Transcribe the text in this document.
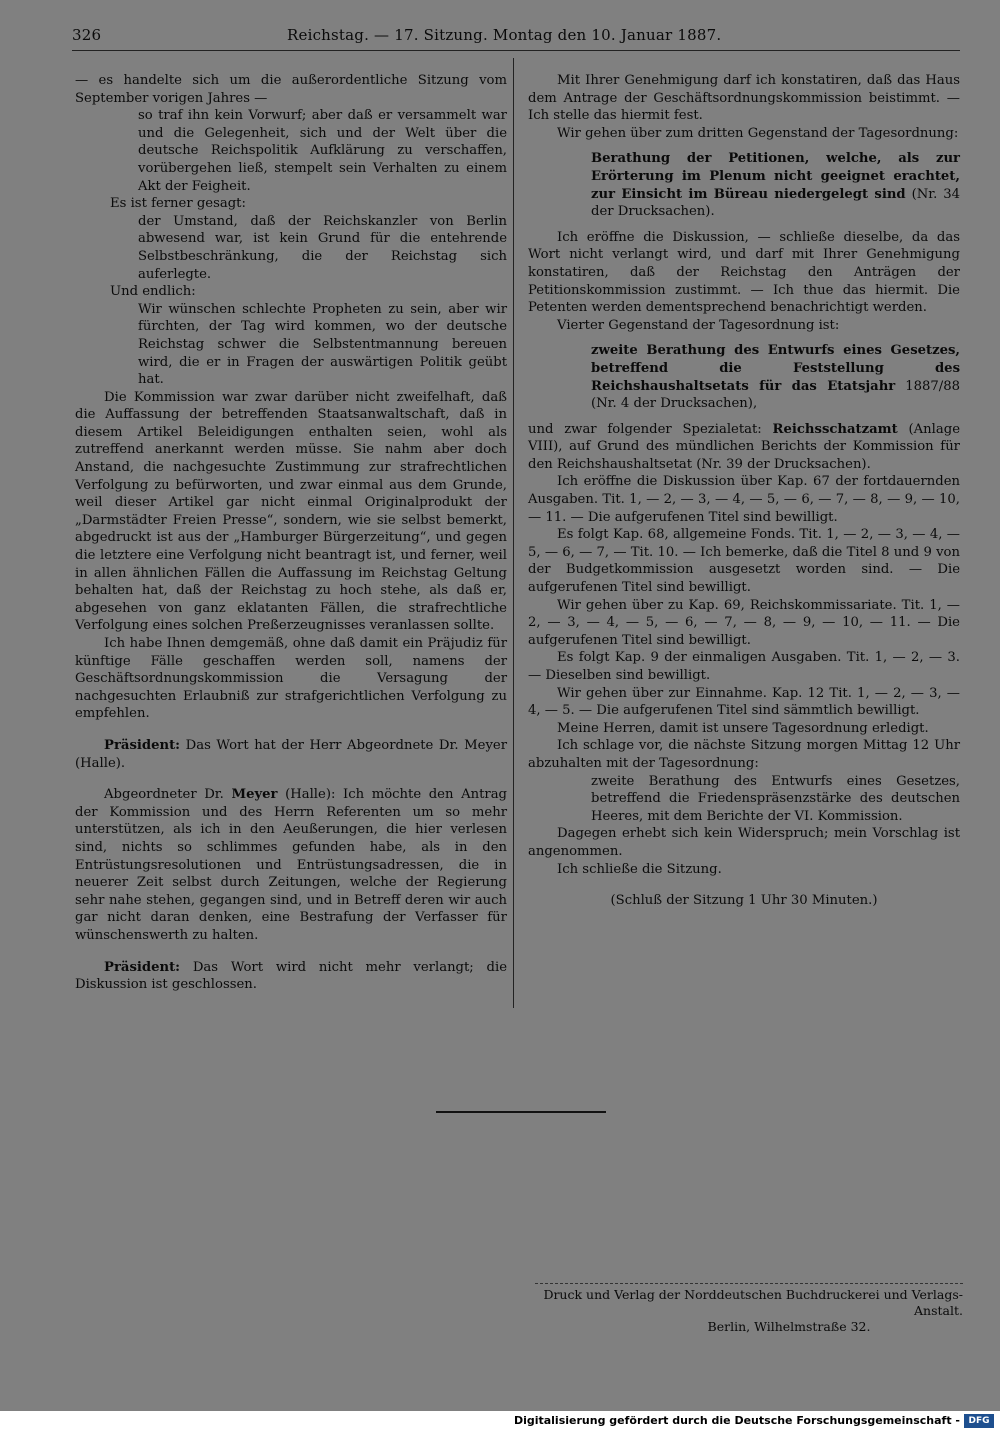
326	Reichstag. — 17. Sitzung. Montag den 10. Januar 1887.

— es handelte sich um die außerordentliche Sitzung vom September vorigen Jahres —

so traf ihn kein Vorwurf; aber daß er versammelt war und die Gelegenheit, sich und der Welt über die deutsche Reichspolitik Aufklärung zu verschaffen, vorübergehen ließ, stempelt sein Verhalten zu einem Akt der Feigheit.

Es ist ferner gesagt:

der Umstand, daß der Reichskanzler von Berlin abwesend war, ist kein Grund für die entehrende Selbstbeschränkung, die der Reichstag sich auferlegte.

Und endlich:

Wir wünschen schlechte Propheten zu sein, aber wir fürchten, der Tag wird kommen, wo der deutsche Reichstag schwer die Selbstentmannung bereuen wird, die er in Fragen der auswärtigen Politik geübt hat.

Die Kommission war zwar darüber nicht zweifelhaft, daß die Auffassung der betreffenden Staatsanwaltschaft, daß in diesem Artikel Beleidigungen enthalten seien, wohl als zutreffend anerkannt werden müsse. Sie nahm aber doch Anstand, die nachgesuchte Zustimmung zur strafrechtlichen Verfolgung zu befürworten, und zwar einmal aus dem Grunde, weil dieser Artikel gar nicht einmal Originalprodukt der „Darmstädter Freien Presse“, sondern, wie sie selbst bemerkt, abgedruckt ist aus der „Hamburger Bürgerzeitung“, und gegen die letztere eine Verfolgung nicht beantragt ist, und ferner, weil in allen ähnlichen Fällen die Auffassung im Reichstag Geltung behalten hat, daß der Reichstag zu hoch stehe, als daß er, abgesehen von ganz eklatanten Fällen, die strafrechtliche Verfolgung eines solchen Preßerzeugnisses veranlassen sollte.

Ich habe Ihnen demgemäß, ohne daß damit ein Präjudiz für künftige Fälle geschaffen werden soll, namens der Geschäftsordnungskommission die Versagung der nachgesuchten Erlaubniß zur strafgerichtlichen Verfolgung zu empfehlen.

Präsident: Das Wort hat der Herr Abgeordnete Dr. Meyer (Halle).

Abgeordneter Dr. Meyer (Halle): Ich möchte den Antrag der Kommission und des Herrn Referenten um so mehr unterstützen, als ich in den Aeußerungen, die hier verlesen sind, nichts so schlimmes gefunden habe, als in den Entrüstungsresolutionen und Entrüstungsadressen, die in neuerer Zeit selbst durch Zeitungen, welche der Regierung sehr nahe stehen, gegangen sind, und in Betreff deren wir auch gar nicht daran denken, eine Bestrafung der Verfasser für wünschenswerth zu halten.

Präsident: Das Wort wird nicht mehr verlangt; die Diskussion ist geschlossen.

Mit Ihrer Genehmigung darf ich konstatiren, daß das Haus dem Antrage der Geschäftsordnungskommission beistimmt. — Ich stelle das hiermit fest.

Wir gehen über zum dritten Gegenstand der Tagesordnung:

Berathung der Petitionen, welche, als zur Erörterung im Plenum nicht geeignet erachtet, zur Einsicht im Büreau niedergelegt sind (Nr. 34 der Drucksachen).

Ich eröffne die Diskussion, — schließe dieselbe, da das Wort nicht verlangt wird, und darf mit Ihrer Genehmigung konstatiren, daß der Reichstag den Anträgen der Petitionskommission zustimmt. — Ich thue das hiermit. Die Petenten werden dementsprechend benachrichtigt werden.

Vierter Gegenstand der Tagesordnung ist:

zweite Berathung des Entwurfs eines Gesetzes, betreffend die Feststellung des Reichshaushaltsetats für das Etatsjahr 1887/88 (Nr. 4 der Drucksachen),

und zwar folgender Spezialetat: Reichsschatzamt (Anlage VIII), auf Grund des mündlichen Berichts der Kommission für den Reichshaushaltsetat (Nr. 39 der Drucksachen).

Ich eröffne die Diskussion über Kap. 67 der fortdauernden Ausgaben. Tit. 1, — 2, — 3, — 4, — 5, — 6, — 7, — 8, — 9, — 10, — 11. — Die aufgerufenen Titel sind bewilligt.

Es folgt Kap. 68, allgemeine Fonds. Tit. 1, — 2, — 3, — 4, — 5, — 6, — 7, — Tit. 10. — Ich bemerke, daß die Titel 8 und 9 von der Budgetkommission ausgesetzt worden sind. — Die aufgerufenen Titel sind bewilligt.

Wir gehen über zu Kap. 69, Reichskommissariate. Tit. 1, — 2, — 3, — 4, — 5, — 6, — 7, — 8, — 9, — 10, — 11. — Die aufgerufenen Titel sind bewilligt.

Es folgt Kap. 9 der einmaligen Ausgaben. Tit. 1, — 2, — 3. — Dieselben sind bewilligt.

Wir gehen über zur Einnahme. Kap. 12 Tit. 1, — 2, — 3, — 4, — 5. — Die aufgerufenen Titel sind sämmtlich bewilligt.

Meine Herren, damit ist unsere Tagesordnung erledigt.

Ich schlage vor, die nächste Sitzung morgen Mittag 12 Uhr abzuhalten mit der Tagesordnung:

zweite Berathung des Entwurfs eines Gesetzes, betreffend die Friedenspräsenzstärke des deutschen Heeres, mit dem Berichte der VI. Kommission.

Dagegen erhebt sich kein Widerspruch; mein Vorschlag ist angenommen.

Ich schließe die Sitzung.

(Schluß der Sitzung 1 Uhr 30 Minuten.)

Druck und Verlag der Norddeutschen Buchdruckerei und Verlags-Anstalt.
Berlin, Wilhelmstraße 32.
Digitalisierung gefördert durch die Deutsche Forschungsgemeinschaft - DFG
